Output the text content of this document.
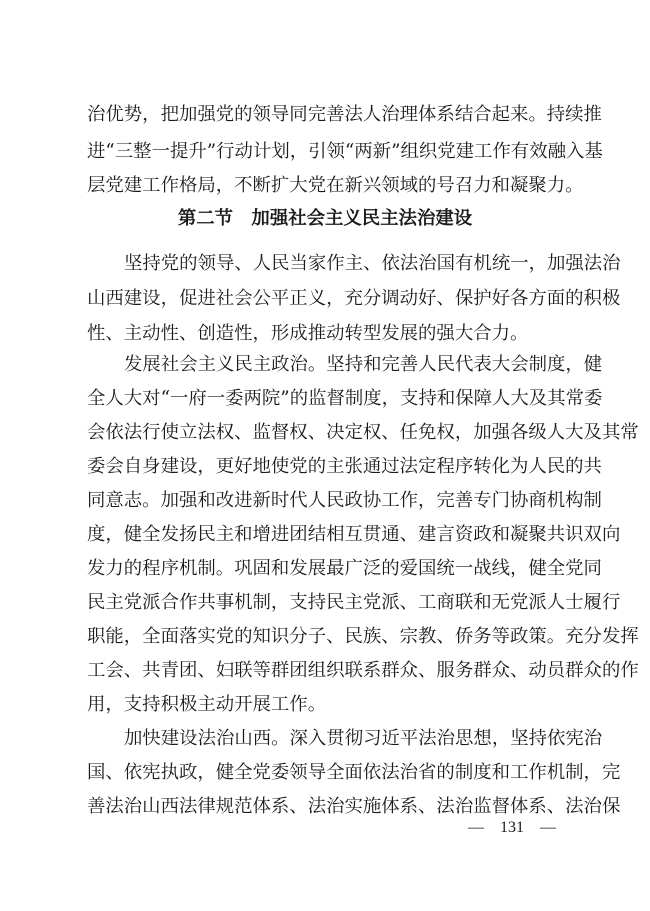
治优势，把加强党的领导同完善法人治理体系结合起来。持续推
进“三整一提升”行动计划，引领“两新”组织党建工作有效融入基
层党建工作格局，不断扩大党在新兴领域的号召力和凝聚力。
第二节　加强社会主义民主法治建设
坚持党的领导、人民当家作主、依法治国有机统一，加强法治
山西建设，促进社会公平正义，充分调动好、保护好各方面的积极
性、主动性、创造性，形成推动转型发展的强大合力。
发展社会主义民主政治。坚持和完善人民代表大会制度，健
全人大对“一府一委两院”的监督制度，支持和保障人大及其常委
会依法行使立法权、监督权、决定权、任免权，加强各级人大及其常
委会自身建设，更好地使党的主张通过法定程序转化为人民的共
同意志。加强和改进新时代人民政协工作，完善专门协商机构制
度，健全发扬民主和增进团结相互贯通、建言资政和凝聚共识双向
发力的程序机制。巩固和发展最广泛的爱国统一战线，健全党同
民主党派合作共事机制，支持民主党派、工商联和无党派人士履行
职能，全面落实党的知识分子、民族、宗教、侨务等政策。充分发挥
工会、共青团、妇联等群团组织联系群众、服务群众、动员群众的作
用，支持积极主动开展工作。
加快建设法治山西。深入贯彻习近平法治思想，坚持依宪治
国、依宪执政，健全党委领导全面依法治省的制度和工作机制，完
善法治山西法律规范体系、法治实施体系、法治监督体系、法治保
—　131　—
